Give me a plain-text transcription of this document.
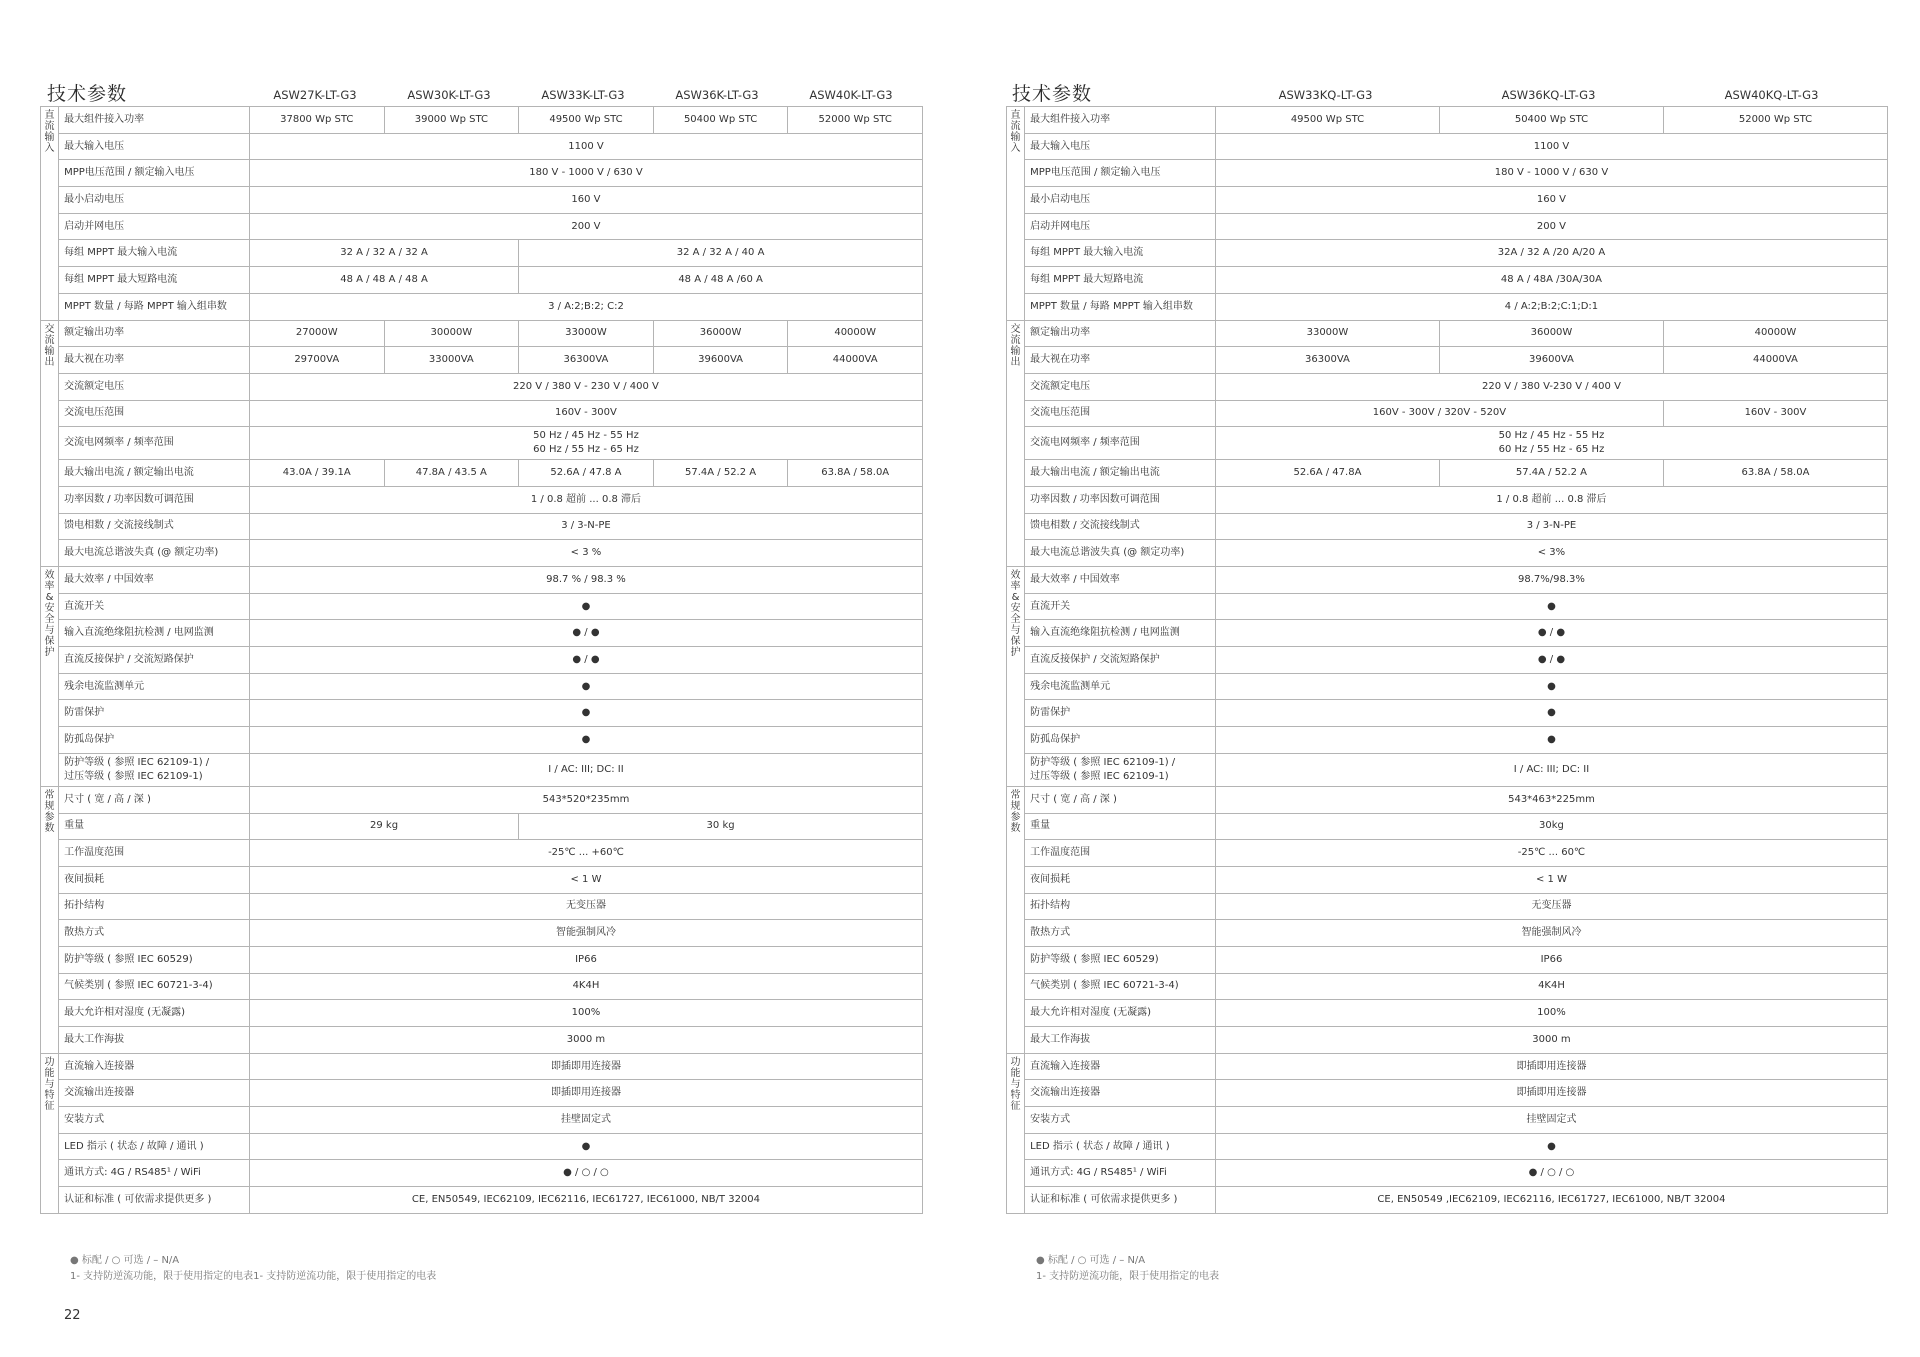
技术参数	ASW27K-LT-G3	ASW30K-LT-G3	ASW33K-LT-G3	ASW36K-LT-G3	ASW40K-LT-G3
直流输入	最大组件接入功率	37800 Wp STC	39000 Wp STC	49500 Wp STC	50400 Wp STC	52000 Wp STC

	最大输入电压	1100 V				

	MPP电压范围 / 额定输入电压	180 V - 1000 V / 630 V				

	最小启动电压	160 V				

	启动并网电压	200 V				

	每组 MPPT 最大输入电流	32 A / 32 A / 32 A		32 A / 32 A / 40 A		

	每组 MPPT 最大短路电流	48 A / 48 A / 48 A		48 A / 48 A /60 A		

	MPPT 数量 / 每路 MPPT 输入组串数	3 / A:2;B:2; C:2				

交流输出	额定输出功率	27000W	30000W	33000W	36000W	40000W

	最大视在功率	29700VA	33000VA	36300VA	39600VA	44000VA

	交流额定电压	220 V / 380 V - 230 V / 400 V				

	交流电压范围	160V - 300V				

	交流电网频率 / 频率范围	50 Hz / 45 Hz - 55 Hz
60 Hz / 55 Hz - 65 Hz				

	最大输出电流 / 额定输出电流	43.0A / 39.1A	47.8A / 43.5 A	52.6A / 47.8 A	57.4A / 52.2 A	63.8A / 58.0A

	功率因数 / 功率因数可调范围	1 / 0.8 超前 ... 0.8 滞后				

	馈电相数 / 交流接线制式	3 / 3-N-PE				

	最大电流总谐波失真 (@ 额定功率)	< 3 %				

效率&安全与保护	最大效率 / 中国效率	98.7 % / 98.3 %				

	直流开关	●				

	输入直流绝缘阻抗检测 / 电网监测	● / ●				

	直流反接保护 / 交流短路保护	● / ●				

	残余电流监测单元	●				

	防雷保护	●				

	防孤岛保护	●				

	防护等级 ( 参照 IEC 62109-1) /
过压等级 ( 参照 IEC 62109-1)	I / AC: III; DC: II				

常规参数	尺寸 ( 宽 / 高 / 深 )	543*520*235mm				

	重量	29 kg		30 kg		

	工作温度范围	-25℃ ... +60℃				

	夜间损耗	< 1 W				

	拓扑结构	无变压器				

	散热方式	智能强制风冷				

	防护等级 ( 参照 IEC 60529)	IP66				

	气候类别 ( 参照 IEC 60721-3-4)	4K4H				

	最大允许相对湿度 (无凝露)	100%				

	最大工作海拔	3000 m				

功能与特征	直流输入连接器	即插即用连接器				

	交流输出连接器	即插即用连接器				

	安装方式	挂壁固定式				

	LED 指示 ( 状态 / 故障 / 通讯 )	●				

	通讯方式: 4G / RS485¹ / WiFi	● / ○ / ○				

	认证和标准 ( 可依需求提供更多 )	CE, EN50549, IEC62109, IEC62116, IEC61727, IEC61000, NB/T 32004				
● 标配 / ○ 可选 / – N/A
1- 支持防逆流功能，限于使用指定的电表1- 支持防逆流功能，限于使用指定的电表
22
技术参数	ASW33KQ-LT-G3	ASW36KQ-LT-G3	ASW40KQ-LT-G3
直流输入	最大组件接入功率	49500 Wp STC	50400 Wp STC	52000 Wp STC

	最大输入电压	1100 V		

	MPP电压范围 / 额定输入电压	180 V - 1000 V / 630 V		

	最小启动电压	160 V		

	启动并网电压	200 V		

	每组 MPPT 最大输入电流	32A / 32 A /20 A/20 A		

	每组 MPPT 最大短路电流	48 A / 48A /30A/30A		

	MPPT 数量 / 每路 MPPT 输入组串数	4 / A:2;B:2;C:1;D:1		

交流输出	额定输出功率	33000W	36000W	40000W

	最大视在功率	36300VA	39600VA	44000VA

	交流额定电压	220 V / 380 V-230 V / 400 V		

	交流电压范围	160V - 300V / 320V - 520V		160V - 300V

	交流电网频率 / 频率范围	50 Hz / 45 Hz - 55 Hz
60 Hz / 55 Hz - 65 Hz		

	最大输出电流 / 额定输出电流	52.6A / 47.8A	57.4A / 52.2 A	63.8A / 58.0A

	功率因数 / 功率因数可调范围	1 / 0.8 超前 ... 0.8 滞后		

	馈电相数 / 交流接线制式	3 / 3-N-PE		

	最大电流总谐波失真 (@ 额定功率)	< 3%		

效率&安全与保护	最大效率 / 中国效率	98.7%/98.3%		

	直流开关	●		

	输入直流绝缘阻抗检测 / 电网监测	● / ●		

	直流反接保护 / 交流短路保护	● / ●		

	残余电流监测单元	●		

	防雷保护	●		

	防孤岛保护	●		

	防护等级 ( 参照 IEC 62109-1) /
过压等级 ( 参照 IEC 62109-1)	I / AC: III; DC: II		

常规参数	尺寸 ( 宽 / 高 / 深 )	543*463*225mm		

	重量	30kg		

	工作温度范围	-25℃ ... 60℃		

	夜间损耗	< 1 W		

	拓扑结构	无变压器		

	散热方式	智能强制风冷		

	防护等级 ( 参照 IEC 60529)	IP66		

	气候类别 ( 参照 IEC 60721-3-4)	4K4H		

	最大允许相对湿度 (无凝露)	100%		

	最大工作海拔	3000 m		

功能与特征	直流输入连接器	即插即用连接器		

	交流输出连接器	即插即用连接器		

	安装方式	挂壁固定式		

	LED 指示 ( 状态 / 故障 / 通讯 )	●		

	通讯方式: 4G / RS485¹ / WiFi	● / ○ / ○		

	认证和标准 ( 可依需求提供更多 )	CE, EN50549 ,IEC62109, IEC62116, IEC61727, IEC61000, NB/T 32004		
● 标配 / ○ 可选 / – N/A
1- 支持防逆流功能，限于使用指定的电表
